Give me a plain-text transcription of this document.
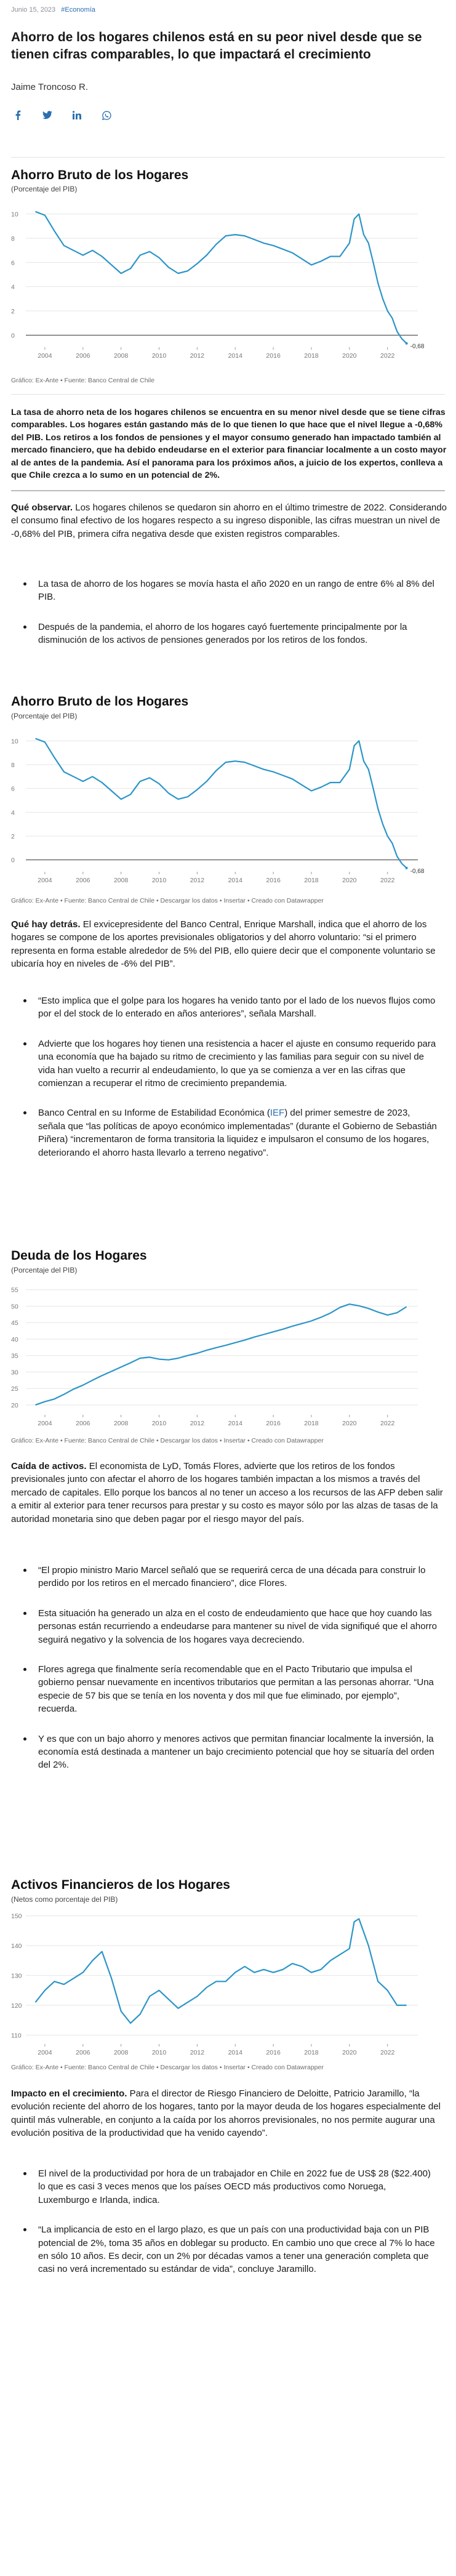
Junio 15, 2023 #Economía
Ahorro de los hogares chilenos está en su peor nivel desde que se tienen cifras comparables, lo que impactará el crecimiento
Jaime Troncoso R.
Ahorro Bruto de los Hogares
(Porcentaje del PIB)
0
2
4
6
8
10
2004	2006	2008	2010	2012	2014	2016	2018	2020	2022
-0,68
Gráfico: Ex-Ante • Fuente: Banco Central de Chile
La tasa de ahorro neta de los hogares chilenos se encuentra en su menor nivel desde que se tiene cifras comparables. Los hogares están gastando más de lo que tienen lo que hace que el nivel llegue a -0,68% del PIB. Los retiros a los fondos de pensiones y el mayor consumo generado han impactado también al mercado financiero, que ha debido endeudarse en el exterior para financiar localmente a un costo mayor al de antes de la pandemia. Así el panorama para los próximos años, a juicio de los expertos, conlleva a que Chile crezca a lo sumo en un potencial de 2%.
Qué observar. Los hogares chilenos se quedaron sin ahorro en el último trimestre de 2022. Considerando el consumo final efectivo de los hogares respecto a su ingreso disponible, las cifras muestran un nivel de -0,68% del PIB, primera cifra negativa desde que existen registros comparables.
La tasa de ahorro de los hogares se movía hasta el año 2020 en un rango de entre 6% al 8% del PIB.
Después de la pandemia, el ahorro de los hogares cayó fuertemente principalmente por la disminución de los activos de pensiones generados por los retiros de los fondos.
Ahorro Bruto de los Hogares
(Porcentaje del PIB)
0
2
4
6
8
10
2004	2006	2008	2010	2012	2014	2016	2018	2020	2022
-0,68
Gráfico: Ex-Ante • Fuente: Banco Central de Chile • Descargar los datos • Insertar • Creado con Datawrapper
Qué hay detrás. El exvicepresidente del Banco Central, Enrique Marshall, indica que el ahorro de los hogares se compone de los aportes previsionales obligatorios y del ahorro voluntario: “si el primero representa en forma estable alrededor de 5% del PIB, ello quiere decir que el componente voluntario se ubicaría hoy en niveles de -6% del PIB”.
“Esto implica que el golpe para los hogares ha venido tanto por el lado de los nuevos flujos como por el del stock de lo enterado en años anteriores”, señala Marshall.
Advierte que los hogares hoy tienen una resistencia a hacer el ajuste en consumo requerido para una economía que ha bajado su ritmo de crecimiento y las familias para seguir con su nivel de vida han vuelto a recurrir al endeudamiento, lo que ya se comienza a ver en las cifras que comienzan a recuperar el ritmo de crecimiento prepandemia.
Banco Central en su Informe de Estabilidad Económica (IEF) del primer semestre de 2023, señala que “las políticas de apoyo económico implementadas” (durante el Gobierno de Sebastián Piñera) “incrementaron de forma transitoria la liquidez e impulsaron el consumo de los hogares, deteriorando el ahorro hasta llevarlo a terreno negativo”.
Deuda de los Hogares
(Porcentaje del PIB)
20
25
30
35
40
45
50
55
2004	2006	2008	2010	2012	2014	2016	2018	2020	2022
Gráfico: Ex-Ante • Fuente: Banco Central de Chile • Descargar los datos • Insertar • Creado con Datawrapper
Caída de activos. El economista de LyD, Tomás Flores, advierte que los retiros de los fondos previsionales junto con afectar el ahorro de los hogares también impactan a los mismos a través del mercado de capitales. Ello porque los bancos al no tener un acceso a los recursos de las AFP deben salir a emitir al exterior para tener recursos para prestar y su costo es mayor sólo por las alzas de tasas de la autoridad monetaria sino que deben pagar por el riesgo mayor del país.
“El propio ministro Mario Marcel señaló que se requerirá cerca de una década para construir lo perdido por los retiros en el mercado financiero”, dice Flores.
Esta situación ha generado un alza en el costo de endeudamiento que hace que hoy cuando las personas están recurriendo a endeudarse para mantener su nivel de vida signifiqué que el ahorro seguirá negativo y la solvencia de los hogares vaya decreciendo.
Flores agrega que finalmente sería recomendable que en el Pacto Tributario que impulsa el gobierno pensar nuevamente en incentivos tributarios que permitan a las personas ahorrar. “Una especie de 57 bis que se tenía en los noventa y dos mil que fue eliminado, por ejemplo”, recuerda.
Y es que con un bajo ahorro y menores activos que permitan financiar localmente la inversión, la economía está destinada a mantener un bajo crecimiento potencial que hoy se situaría del orden del 2%.
Activos Financieros de los Hogares
(Netos como porcentaje del PIB)
110
120
130
140
150
2004	2006	2008	2010	2012	2014	2016	2018	2020	2022
Gráfico: Ex-Ante • Fuente: Banco Central de Chile • Descargar los datos • Insertar • Creado con Datawrapper
Impacto en el crecimiento. Para el director de Riesgo Financiero de Deloitte, Patricio Jaramillo, “la evolución reciente del ahorro de los hogares, tanto por la mayor deuda de los hogares especialmente del quintil más vulnerable, en conjunto a la caída por los ahorros previsionales, no nos permite augurar una evolución positiva de la productividad que ha venido cayendo”.
El nivel de la productividad por hora de un trabajador en Chile en 2022 fue de US$ 28 ($22.400) lo que es casi 3 veces menos que los países OECD más productivos como Noruega, Luxemburgo e Irlanda, indica.
“La implicancia de esto en el largo plazo, es que un país con una productividad baja con un PIB potencial de 2%, toma 35 años en doblegar su producto. En cambio uno que crece al 7% lo hace en sólo 10 años. Es decir, con un 2% por décadas vamos a tener una generación completa que casi no verá incrementado su estándar de vida”, concluye Jaramillo.
